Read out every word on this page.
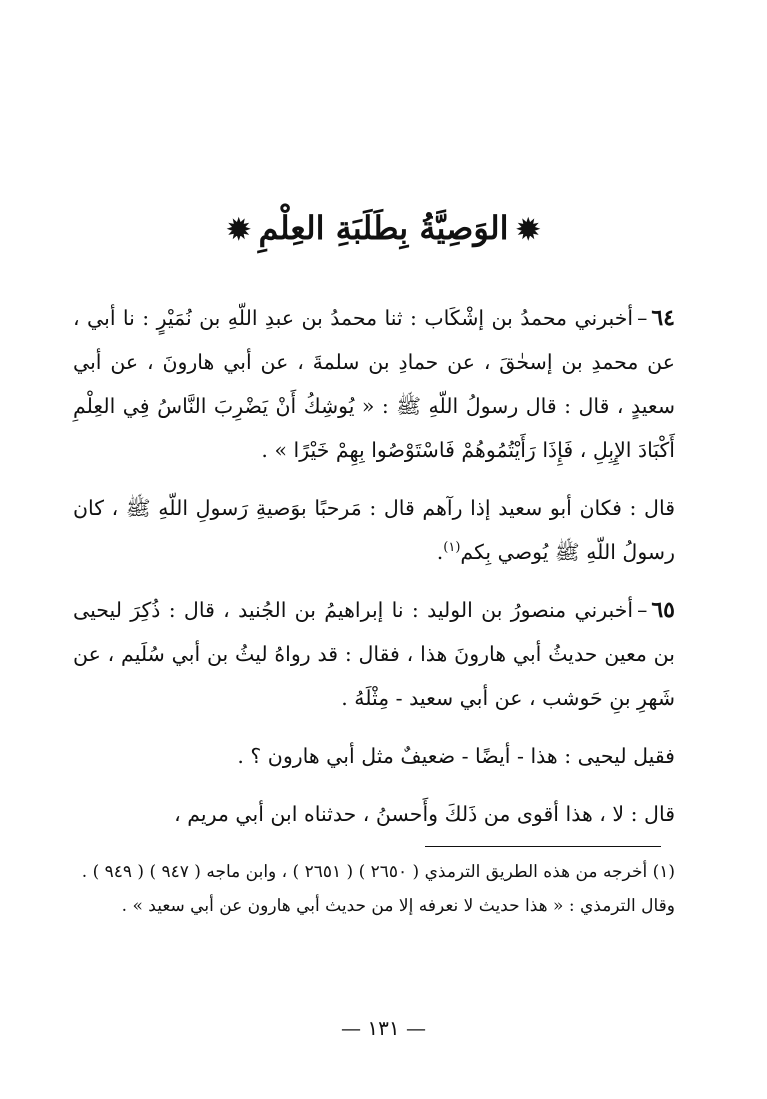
✹الوَصِيَّةُ بِطَلَبَةِ العِلْمِ✹

٦٤–أخبرني محمدُ بن إشْكَاب : ثنا محمدُ بن عبدِ اللّهِ بن نُمَيْرٍ : نا أبي ، عن محمدِ بن إسحٰقَ ، عن حمادِ بن سلمةَ ، عن أبي هارونَ ، عن أبي سعيدٍ ، قال : قال رسولُ اللّهِ ﷺ : « يُوشِكُ أَنْ يَضْرِبَ النَّاسُ فِي العِلْمِ أَكْبَادَ الإِبِلِ ، فَإِذَا رَأَيْتُمُوهُمْ فَاسْتَوْصُوا بِهِمْ خَيْرًا » .

قال : فكان أبو سعيد إذا رآهم قال : مَرحبًا بوَصيةِ رَسولِ اللّهِ ﷺ ، كان رسولُ اللّهِ ﷺ يُوصي بِكم$^{(١)}$.

٦٥–أخبرني منصورُ بن الوليد : نا إبراهيمُ بن الجُنيد ، قال : ذُكِرَ ليحيى بن معين حديثُ أبي هارونَ هذا ، فقال : قد رواهُ ليثُ بن أبي سُلَيم ، عن شَهرِ بنِ حَوشب ، عن أبي سعيد - مِثْلَهُ .

فقيل ليحيى : هذا - أيضًا - ضعيفٌ مثل أبي هارون ؟ .

قال : لا ، هذا أقوى من ذَلكَ وأَحسنُ ، حدثناه ابن أبي مريم ،

(١) أخرجه من هذه الطريق الترمذي ( ٢٦٥٠ ) ( ٢٦٥١ ) ، وابن ماجه ( ٩٤٧ ) ( ٩٤٩ ) .

وقال الترمذي : « هذا حديث لا نعرفه إلا من حديث أبي هارون عن أبي سعيد » .

— ١٣١ —
